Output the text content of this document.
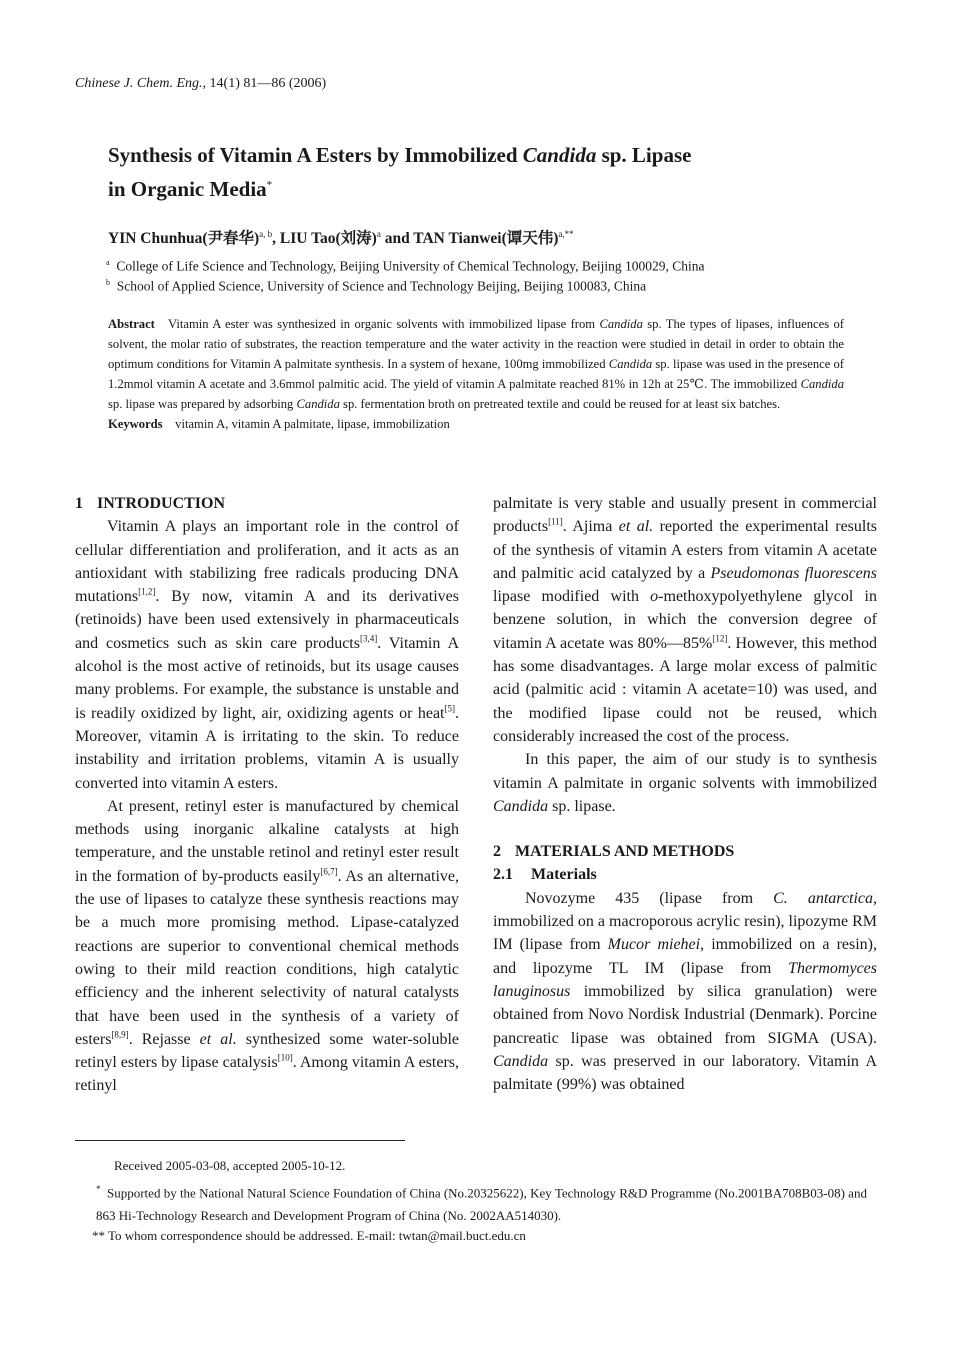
Chinese J. Chem. Eng., 14(1) 81—86 (2006)
Synthesis of Vitamin A Esters by Immobilized Candida sp. Lipase
in Organic Media*
YIN Chunhua(尹春华)$^{a, b}$, LIU Tao(刘涛)$^a$ and TAN Tianwei(谭天伟)$^{a,**}$
$^a$ College of Life Science and Technology, Beijing University of Chemical Technology, Beijing 100029, China
$^b$ School of Applied Science, University of Science and Technology Beijing, Beijing 100083, China
Abstract Vitamin A ester was synthesized in organic solvents with immobilized lipase from Candida sp. The types of lipases, influences of solvent, the molar ratio of substrates, the reaction temperature and the water activity in the reaction were studied in detail in order to obtain the optimum conditions for Vitamin A palmitate synthesis. In a system of hexane, 100mg immobilized Candida sp. lipase was used in the presence of 1.2mmol vitamin A acetate and 3.6mmol palmitic acid. The yield of vitamin A palmitate reached 81% in 12h at 25℃. The immobilized Candida sp. lipase was prepared by adsorbing Candida sp. fermentation broth on pretreated textile and could be reused for at least six batches.
Keywords vitamin A, vitamin A palmitate, lipase, immobilization

1 INTRODUCTION

Vitamin A plays an important role in the control of cellular differentiation and proliferation, and it acts as an antioxidant with stabilizing free radicals producing DNA mutations[1,2]. By now, vitamin A and its derivatives (retinoids) have been used extensively in pharmaceuticals and cosmetics such as skin care products[3,4]. Vitamin A alcohol is the most active of retinoids, but its usage causes many problems. For example, the substance is unstable and is readily oxidized by light, air, oxidizing agents or heat[5]. Moreover, vitamin A is irritating to the skin. To reduce instability and irritation problems, vitamin A is usually converted into vitamin A esters.

At present, retinyl ester is manufactured by chemical methods using inorganic alkaline catalysts at high temperature, and the unstable retinol and retinyl ester result in the formation of by-products easily[6,7]. As an alternative, the use of lipases to catalyze these synthesis reactions may be a much more promising method. Lipase-catalyzed reactions are superior to conventional chemical methods owing to their mild reaction conditions, high catalytic efficiency and the inherent selectivity of natural catalysts that have been used in the synthesis of a variety of esters[8,9]. Rejasse et al. synthesized some water-soluble retinyl esters by lipase catalysis[10]. Among vitamin A esters, retinyl

palmitate is very stable and usually present in commercial products[11]. Ajima et al. reported the experimental results of the synthesis of vitamin A esters from vitamin A acetate and palmitic acid catalyzed by a Pseudomonas fluorescens lipase modified with o-methoxypolyethylene glycol in benzene solution, in which the conversion degree of vitamin A acetate was 80%—85%[12]. However, this method has some disadvantages. A large molar excess of palmitic acid (palmitic acid : vitamin A acetate=10) was used, and the modified lipase could not be reused, which considerably increased the cost of the process.

In this paper, the aim of our study is to synthesis vitamin A palmitate in organic solvents with immobilized Candida sp. lipase.

2 MATERIALS AND METHODS

2.1 Materials

Novozyme 435 (lipase from C. antarctica, immobilized on a macroporous acrylic resin), lipozyme RM IM (lipase from Mucor miehei, immobilized on a resin), and lipozyme TL IM (lipase from Thermomyces lanuginosus immobilized by silica granulation) were obtained from Novo Nordisk Industrial (Denmark). Porcine pancreatic lipase was obtained from SIGMA (USA). Candida sp. was preserved in our laboratory. Vitamin A palmitate (99%) was obtained

Received 2005-03-08, accepted 2005-10-12.
* Supported by the National Natural Science Foundation of China (No.20325622), Key Technology R&D Programme (No.2001BA708B03-08) and 863 Hi-Technology Research and Development Program of China (No. 2002AA514030).
** To whom correspondence should be addressed. E-mail: twtan@mail.buct.edu.cn
